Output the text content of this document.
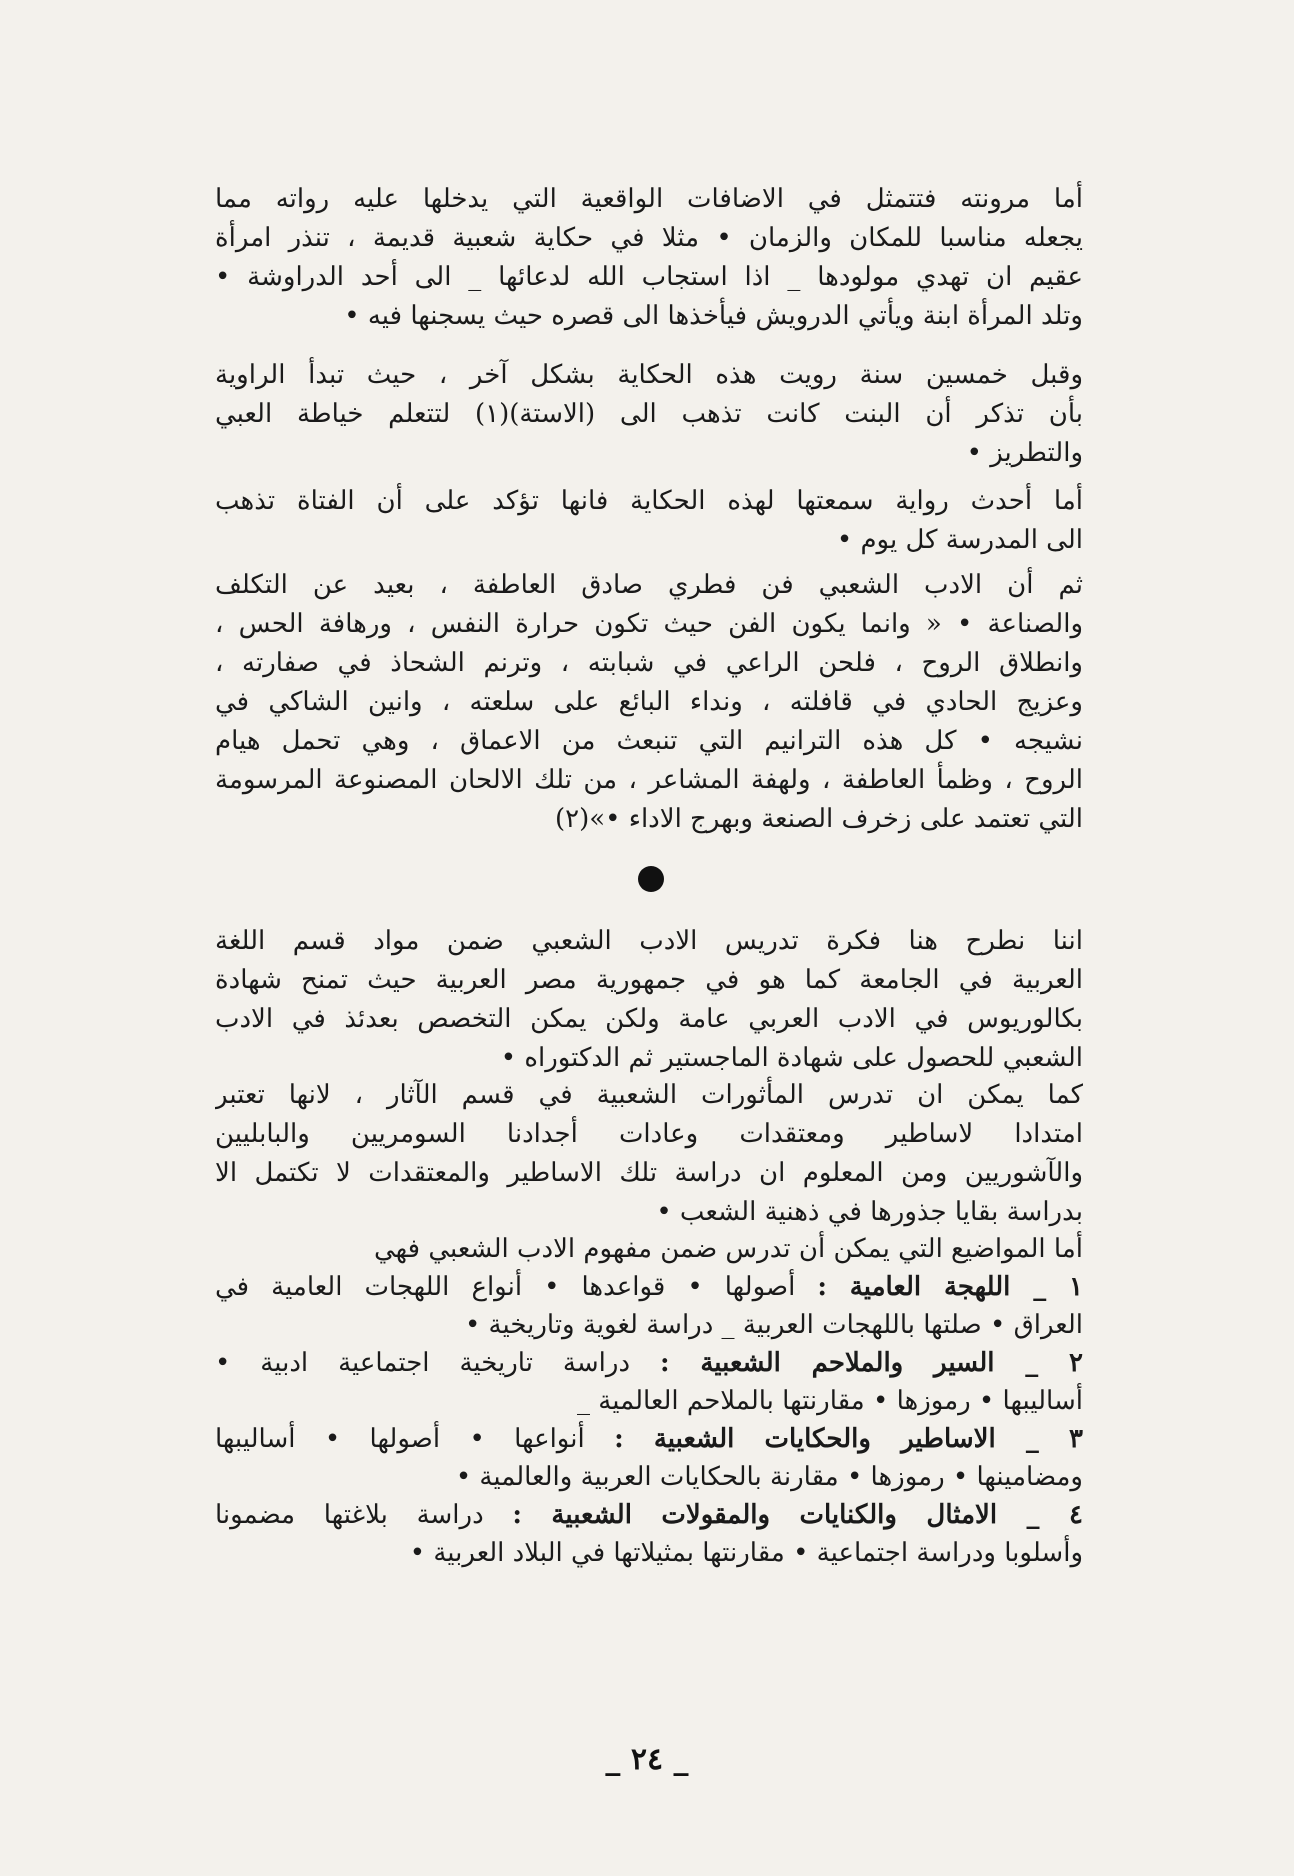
أما مرونته فتتمثل في الاضافات الواقعية التي يدخلها عليه رواته مما
يجعله مناسبا للمكان والزمان • مثلا في حكاية شعبية قديمة ، تنذر امرأة
عقيم ان تهدي مولودها _ اذا استجاب الله لدعائها _ الى أحد الدراوشة •
وتلد المرأة ابنة ويأتي الدرويش فيأخذها الى قصره حيث يسجنها فيه •
وقبل خمسين سنة رويت هذه الحكاية بشكل آخر ، حيث تبدأ الراوية
بأن تذكر أن البنت كانت تذهب الى (الاستة)(١) لتتعلم خياطة العبي
والتطريز •
أما أحدث رواية سمعتها لهذه الحكاية فانها تؤكد على أن الفتاة تذهب
الى المدرسة كل يوم •
ثم أن الادب الشعبي فن فطري صادق العاطفة ، بعيد عن التكلف
والصناعة • « وانما يكون الفن حيث تكون حرارة النفس ، ورهافة الحس ،
وانطلاق الروح ، فلحن الراعي في شبابته ، وترنم الشحاذ في صفارته ،
وعزيج الحادي في قافلته ، ونداء البائع على سلعته ، وانين الشاكي في
نشيجه • كل هذه الترانيم التي تنبعث من الاعماق ، وهي تحمل هيام
الروح ، وظمأ العاطفة ، ولهفة المشاعر ، من تلك الالحان المصنوعة المرسومة
التي تعتمد على زخرف الصنعة وبهرج الاداء •»(٢)
اننا نطرح هنا فكرة تدريس الادب الشعبي ضمن مواد قسم اللغة
العربية في الجامعة كما هو في جمهورية مصر العربية حيث تمنح شهادة
بكالوريوس في الادب العربي عامة ولكن يمكن التخصص بعدئذ في الادب
الشعبي للحصول على شهادة الماجستير ثم الدكتوراه •
كما يمكن ان تدرس المأثورات الشعبية في قسم الآثار ، لانها تعتبر
امتدادا لاساطير ومعتقدات وعادات أجدادنا السومريين والبابليين
والآشوريين ومن المعلوم ان دراسة تلك الاساطير والمعتقدات لا تكتمل الا
بدراسة بقايا جذورها في ذهنية الشعب •
أما المواضيع التي يمكن أن تدرس ضمن مفهوم الادب الشعبي فهي
١ _ اللهجة العامية : أصولها • قواعدها • أنواع اللهجات العامية في
العراق • صلتها باللهجات العربية _ دراسة لغوية وتاريخية •
٢ _ السير والملاحم الشعبية : دراسة تاريخية اجتماعية ادبية •
أساليبها • رموزها • مقارنتها بالملاحم العالمية _
٣ _ الاساطير والحكايات الشعبية : أنواعها • أصولها • أساليبها
ومضامينها • رموزها • مقارنة بالحكايات العربية والعالمية •
٤ _ الامثال والكنايات والمقولات الشعبية : دراسة بلاغتها مضمونا
وأسلوبا ودراسة اجتماعية • مقارنتها بمثيلاتها في البلاد العربية •
_ ٢٤ _
